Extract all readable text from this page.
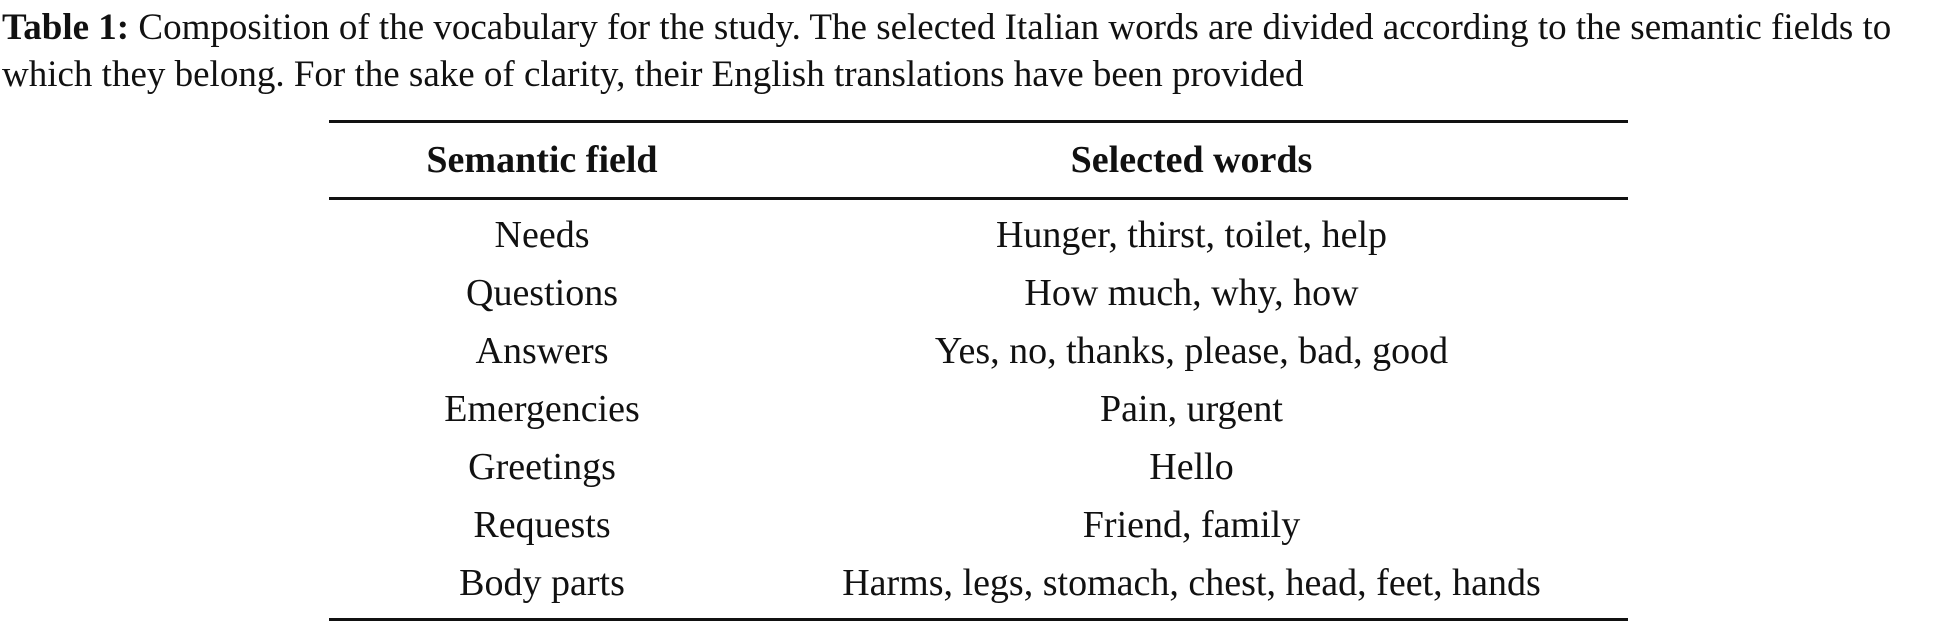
Table 1: Composition of the vocabulary for the study. The selected Italian words are divided according to the semantic fields to which they belong. For the sake of clarity, their English translations have been provided

Semantic field	Selected words
Needs	Hunger, thirst, toilet, help
Questions	How much, why, how
Answers	Yes, no, thanks, please, bad, good
Emergencies	Pain, urgent
Greetings	Hello
Requests	Friend, family
Body parts	Harms, legs, stomach, chest, head, feet, hands
